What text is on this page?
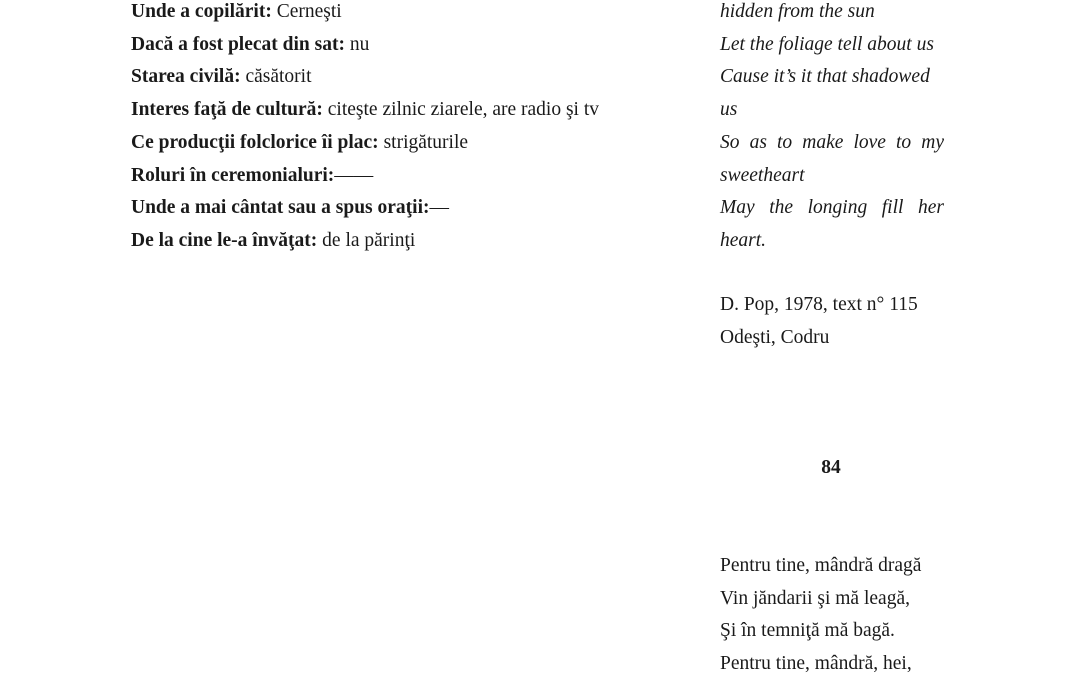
Unde a copilărit: Cerneşti
Dacă a fost plecat din sat: nu
Starea civilă: căsătorit
Interes faţă de cultură: citeşte zilnic ziarele, are radio şi tv
Ce producţii folclorice îi plac: strigăturile
Roluri în ceremonialuri:——
Unde a mai cântat sau a spus oraţii:—
De la cine le-a învăţat: de la părinţi
hidden from the sun
Let the foliage tell about us
Cause it’s it that shadowed
us
So as to make love to my
sweetheart
May the longing fill her
heart.
D. Pop, 1978, text n° 115
Odeşti, Codru
84
Pentru tine, mândră dragă
Vin jăndarii şi mă leagă,
Şi în temniţă mă bagă.
Pentru tine, mândră, hei,
